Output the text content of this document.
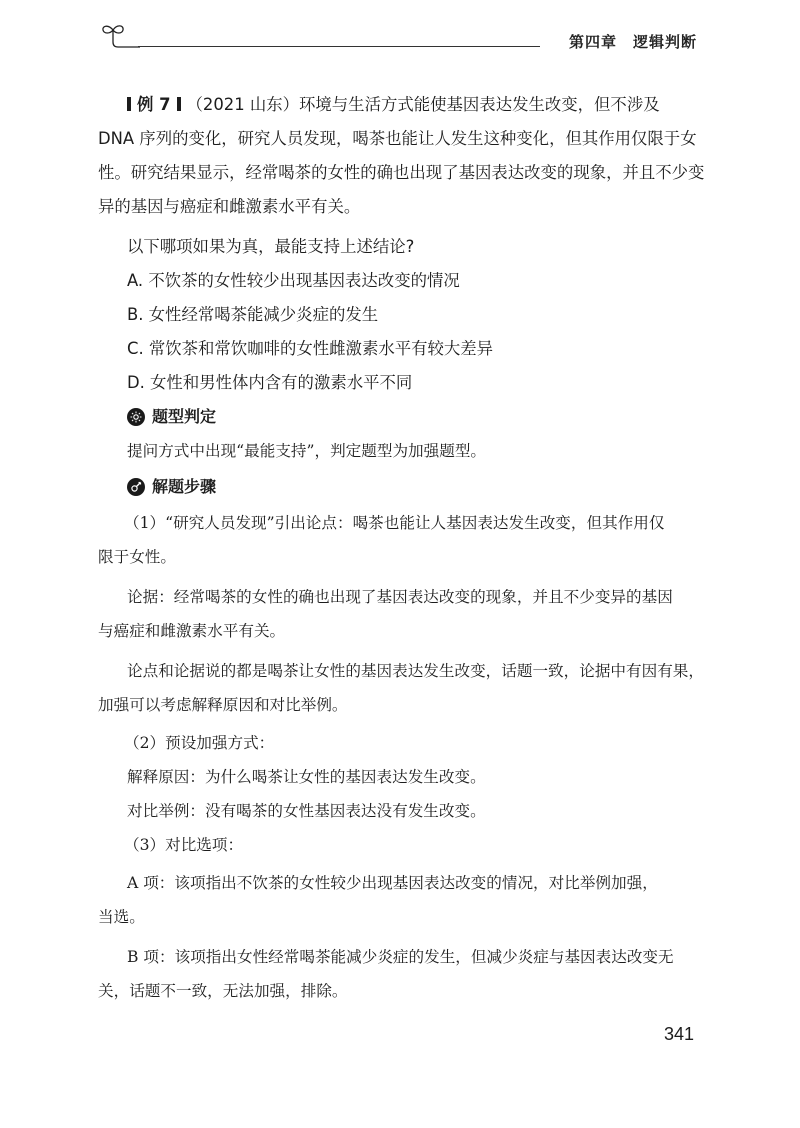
第四章　 逻辑判断
例 7 （2021 山东）环境与生活方式能使基因表达发生改变，但不涉及
DNA 序列的变化，研究人员发现，喝茶也能让人发生这种变化，但其作用仅限于女
性。研究结果显示，经常喝茶的女性的确也出现了基因表达改变的现象，并且不少变
异的基因与癌症和雌激素水平有关。

以下哪项如果为真，最能支持上述结论?

A. 不饮茶的女性较少出现基因表达改变的情况

B. 女性经常喝茶能减少炎症的发生

C. 常饮茶和常饮咖啡的女性雌激素水平有较大差异

D. 女性和男性体内含有的激素水平不同

题型判定

提问方式中出现“最能支持”，判定题型为加强题型。

解题步骤
（1）“研究人员发现”引出论点：喝茶也能让人基因表达发生改变，但其作用仅
限于女性。
论据：经常喝茶的女性的确也出现了基因表达改变的现象，并且不少变异的基因
与癌症和雌激素水平有关。
论点和论据说的都是喝茶让女性的基因表达发生改变，话题一致，论据中有因有果，
加强可以考虑解释原因和对比举例。

（2）预设加强方式：

解释原因：为什么喝茶让女性的基因表达发生改变。

对比举例：没有喝茶的女性基因表达没有发生改变。

（3）对比选项：

A 项：该项指出不饮茶的女性较少出现基因表达改变的情况，对比举例加强，
当选。
B 项：该项指出女性经常喝茶能减少炎症的发生，但减少炎症与基因表达改变无
关，话题不一致，无法加强，排除。
341
